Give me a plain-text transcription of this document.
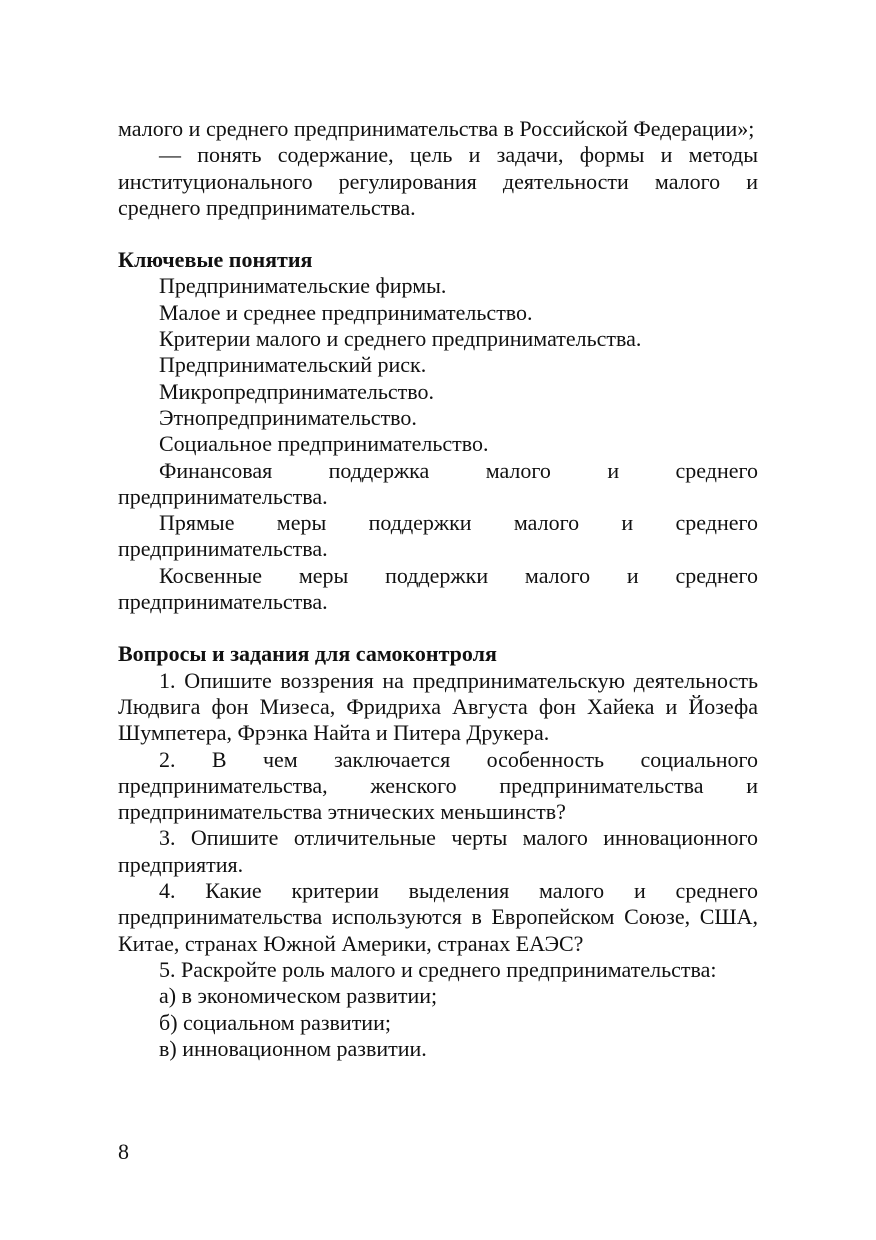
малого и среднего предпринимательства в Российской Федерации»;

— понять содержание, цель и задачи, формы и методы институционального регулирования деятельности малого и среднего предпринимательства.

Ключевые понятия

Предпринимательские фирмы.

Малое и среднее предпринимательство.

Критерии малого и среднего предпринимательства.

Предпринимательский риск.

Микропредпринимательство.

Этнопредпринимательство.

Социальное предпринимательство.

Финансовая поддержка малого и среднего предпринимательства.

Прямые меры поддержки малого и среднего предпринимательства.

Косвенные меры поддержки малого и среднего предпринимательства.

Вопросы и задания для самоконтроля

1. Опишите воззрения на предпринимательскую деятельность Людвига фон Мизеса, Фридриха Августа фон Хайека и Йозефа Шумпетера, Фрэнка Найта и Питера Друкера.

2. В чем заключается особенность социального предпринимательства, женского предпринимательства и предпринимательства этнических меньшинств?

3. Опишите отличительные черты малого инновационного предприятия.

4. Какие критерии выделения малого и среднего предпринимательства используются в Европейском Союзе, США, Китае, странах Южной Америки, странах ЕАЭС?

5. Раскройте роль малого и среднего предпринимательства:

а) в экономическом развитии;

б) социальном развитии;

в) инновационном развитии.

8
